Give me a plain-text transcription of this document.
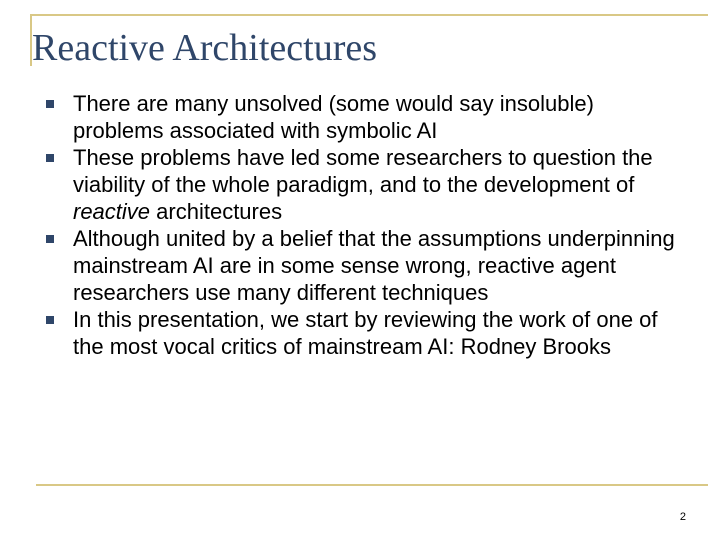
Reactive Architectures
There are many unsolved (some would say insoluble) problems associated with symbolic AI
These problems have led some researchers to question the viability of the whole paradigm, and to the development of reactive architectures
Although united by a belief that the assumptions underpinning mainstream AI are in some sense wrong, reactive agent researchers use many different techniques
In this presentation, we start by reviewing the work of one of the most vocal critics of mainstream AI: Rodney Brooks
2
